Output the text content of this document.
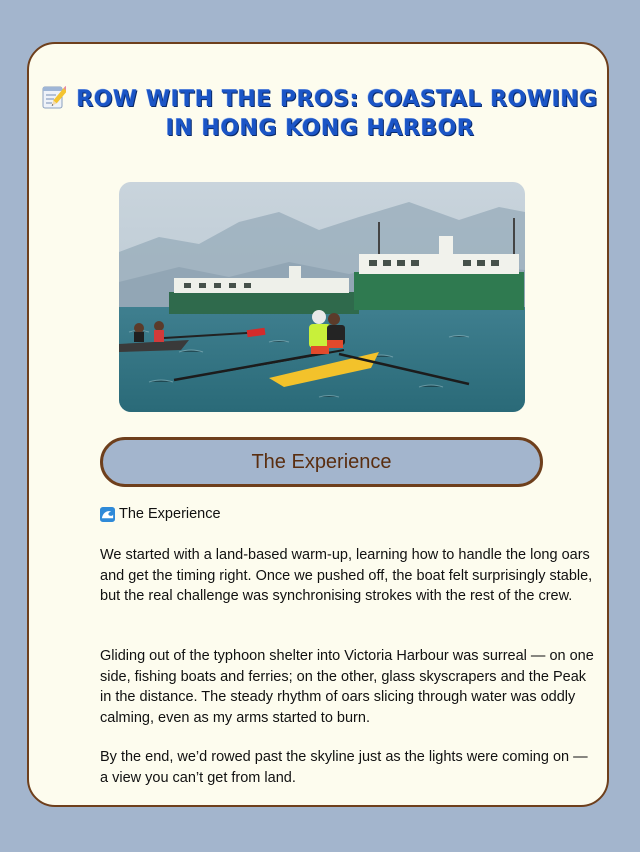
ROW WITH THE PROS: COASTAL ROWING IN HONG KONG HARBOR
The Experience
The Experience

We started with a land-based warm-up, learning how to handle the long oars and get the timing right. Once we pushed off, the boat felt surprisingly stable, but the real challenge was synchronising strokes with the rest of the crew.

Gliding out of the typhoon shelter into Victoria Harbour was surreal — on one side, fishing boats and ferries; on the other, glass skyscrapers and the Peak in the distance. The steady rhythm of oars slicing through water was oddly calming, even as my arms started to burn.

By the end, we’d rowed past the skyline just as the lights were coming on — a view you can’t get from land.
